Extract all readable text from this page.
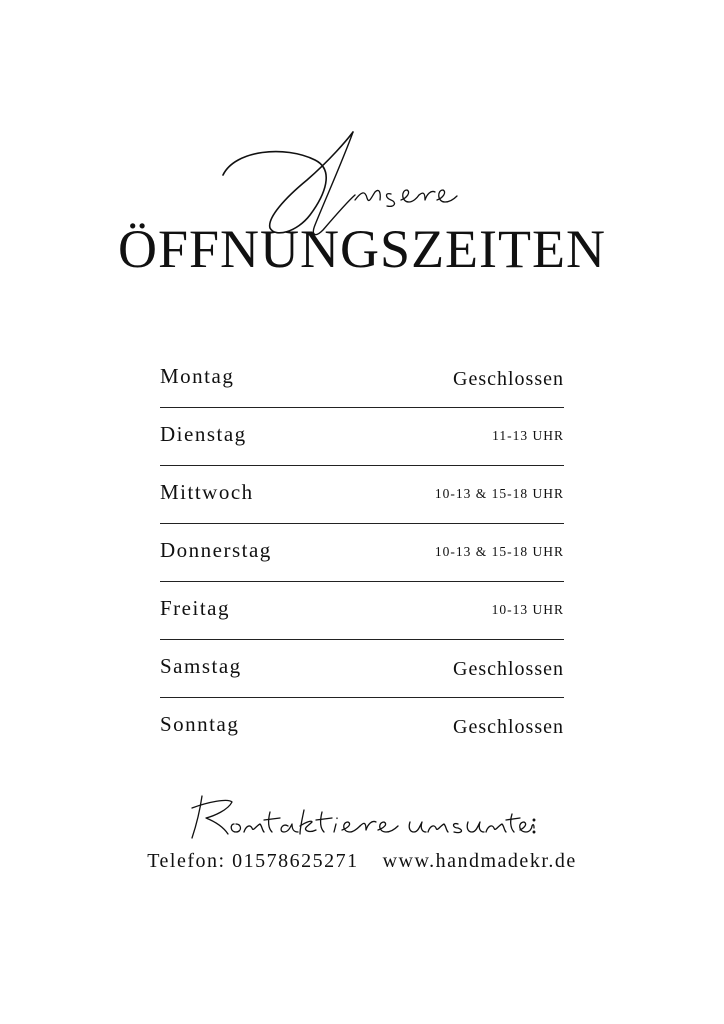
ÖFFNUNGSZEITEN
Montag	Geschlossen
Dienstag	11-13 UHR
Mittwoch	10-13 & 15-18 UHR
Donnerstag	10-13 & 15-18 UHR
Freitag	10-13 UHR
Samstag	Geschlossen
Sonntag	Geschlossen
Telefon: 01578625271 www.handmadekr.de
